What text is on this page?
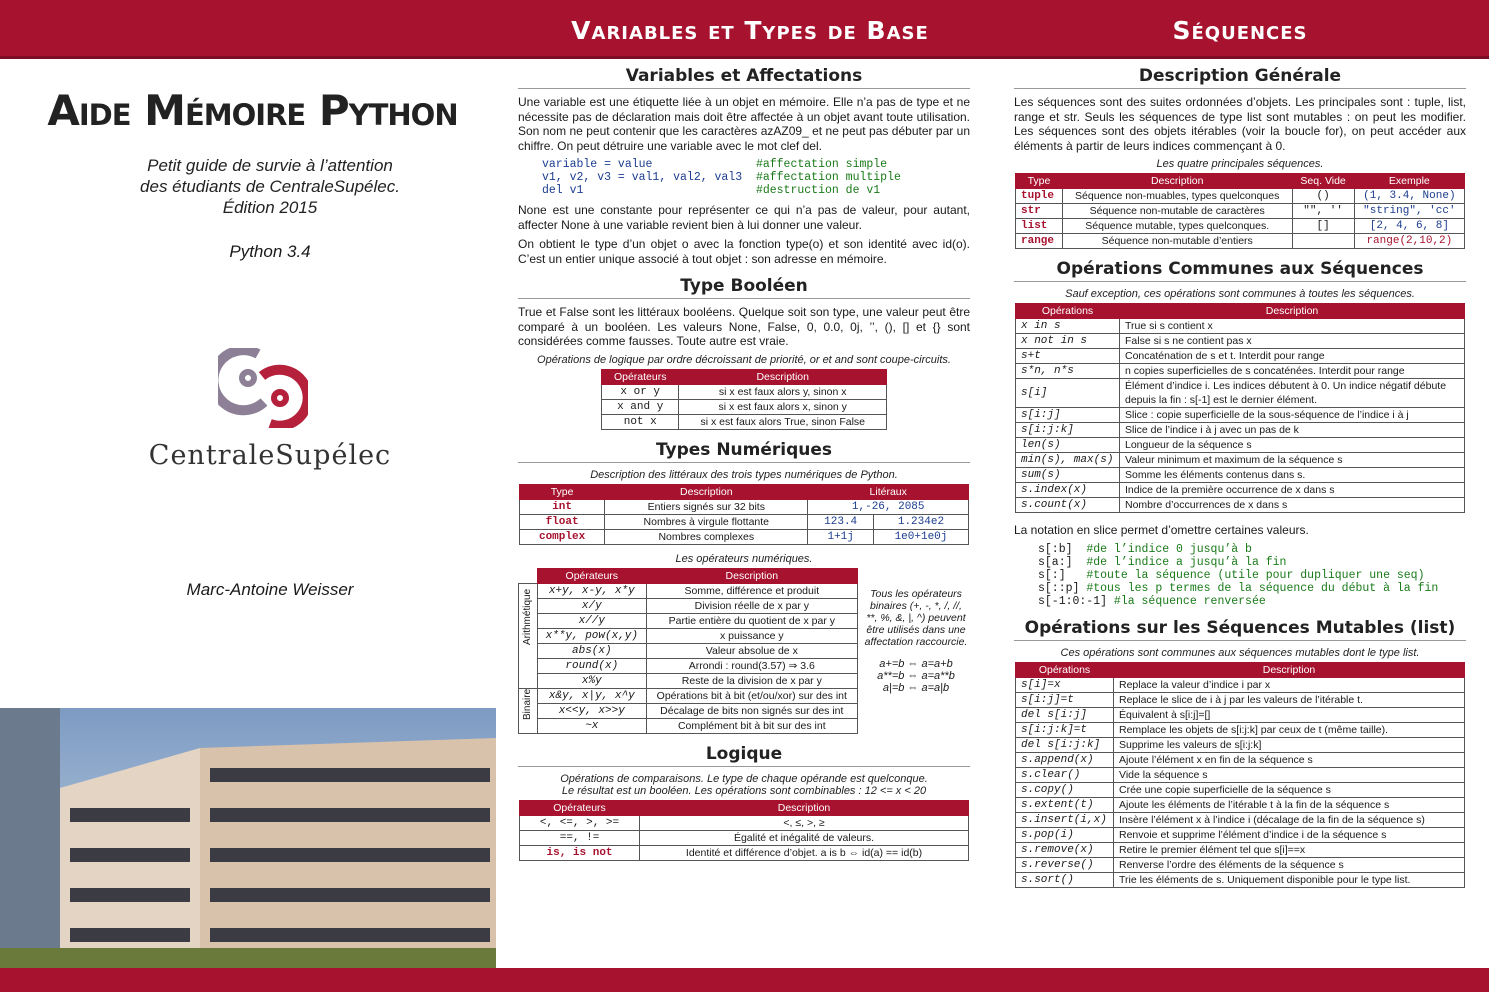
Variables et Types de Base	Séquences
Aide Mémoire Python
Petit guide de survie à l’attention
des étudiants de CentraleSupélec.
Édition 2015
Python 3.4
CentraleSupélec
Marc-Antoine Weisser
Variables et Affectations

Une variable est une étiquette liée à un objet en mémoire. Elle n’a pas de type et ne nécessite pas de déclaration mais doit être affectée à un objet avant toute utilisation. Son nom ne peut contenir que les caractères azAZ09_ et ne peut pas débuter par un chiffre. On peut détruire une variable avec le mot clef del.

variable = value	#affectation simple
v1, v2, v3 = val1, val2, val3 #affectation multiple
del v1	#destruction de v1

None est une constante pour représenter ce qui n’a pas de valeur, pour autant, affecter None à une variable revient bien à lui donner une valeur.

On obtient le type d’un objet o avec la fonction type(o) et son identité avec id(o). C’est un entier unique associé à tout objet : son adresse en mémoire.

Type Booléen

True et False sont les littéraux booléens. Quelque soit son type, une valeur peut être comparé à un booléen. Les valeurs None, False, 0, 0.0, 0j, ’’, (), [] et {} sont considérées comme fausses. Toute autre est vraie.

Opérations de logique par ordre décroissant de priorité, or et and sont coupe-circuits.
Opérateurs	Description
x or y	si x est faux alors y, sinon x
x and y	si x est faux alors x, sinon y
not x	si x est faux alors True, sinon False
Types Numériques
Description des littéraux des trois types numériques de Python.
Type	Description	Litéraux	
int	Entiers signés sur 32 bits	1,-26, 2085	
float	Nombres à virgule flottante	123.4	1.234e2
complex	Nombres complexes	1+1j	1e0+1e0j
Les opérateurs numériques.
	Opérateurs	Description

Arithmétique	x+y, x-y, x*y	Somme, différence et produit
	x/y	Division réelle de x par y
	x//y	Partie entière du quotient de x par y
	x**y, pow(x,y)	x puissance y
	abs(x)	Valeur absolue de x
	round(x)	Arrondi : round(3.57) ⇒ 3.6
	x%y	Reste de la division de x par y

Binaire	x&y, x|y, x^y	Opérations bit à bit (et/ou/xor) sur des int
	x<<y, x>>y	Décalage de bits non signés sur des int
	~x	Complément bit à bit sur des int
Tous les opérateurs binaires (+, -, *, /, //, **, %, &, |, ^) peuvent être utilisés dans une affectation raccourcie.
a+=b ⇔ a=a+b
a**=b ⇔ a=a**b
a|=b ⇔ a=a|b
Logique
Opérations de comparaisons. Le type de chaque opérande est quelconque.
Le résultat est un booléen. Les opérations sont combinables : 12 <= x < 20
Opérateurs	Description
<, <=, >, >=	<, ≤, >, ≥
==, !=	Égalité et inégalité de valeurs.
is, is not	Identité et différence d’objet. a is b ⇔ id(a) == id(b)
Description Générale

Les séquences sont des suites ordonnées d’objets. Les principales sont : tuple, list, range et str. Seuls les séquences de type list sont mutables : on peut les modifier. Les séquences sont des objets itérables (voir la boucle for), on peut accéder aux éléments à partir de leurs indices commençant à 0.

Les quatre principales séquences.
Type	Description	Seq. Vide	Exemple
tuple	Séquence non-muables, types quelconques	()	(1, 3.4, None)
str	Séquence non-mutable de caractères	"", ''	"string", 'cc'
list	Séquence mutable, types quelconques.	[]	[2, 4, 6, 8]
range	Séquence non-mutable d’entiers		range(2,10,2)
Opérations Communes aux Séquences
Sauf exception, ces opérations sont communes à toutes les séquences.
Opérations	Description
x in s	True si s contient x
x not in s	False si s ne contient pas x
s+t	Concaténation de s et t. Interdit pour range
s*n, n*s	n copies superficielles de s concaténées. Interdit pour range
s[i]	Élément d’indice i. Les indices débutent à 0. Un indice négatif débute depuis la fin : s[-1] est le dernier élément.
s[i:j]	Slice : copie superficielle de la sous-séquence de l’indice i à j
s[i:j:k]	Slice de l’indice i à j avec un pas de k
len(s)	Longueur de la séquence s
min(s), max(s)	Valeur minimum et maximum de la séquence s
sum(s)	Somme les éléments contenus dans s.
s.index(x)	Indice de la première occurrence de x dans s
s.count(x)	Nombre d’occurrences de x dans s

La notation en slice permet d’omettre certaines valeurs.

s[:b] #de l’indice 0 jusqu’à b
s[a:] #de l’indice a jusqu’à la fin
s[:] #toute la séquence (utile pour dupliquer une seq)
s[::p] #tous les p termes de la séquence du début à la fin
s[-1:0:-1] #la séquence renversée
Opérations sur les Séquences Mutables (list)
Ces opérations sont communes aux séquences mutables dont le type list.
Opérations	Description
s[i]=x	Replace la valeur d’indice i par x
s[i:j]=t	Replace le slice de i à j par les valeurs de l’itérable t.
del s[i:j]	Équivalent à s[i:j]=[]
s[i:j:k]=t	Remplace les objets de s[i:j:k] par ceux de t (même taille).
del s[i:j:k]	Supprime les valeurs de s[i:j:k]
s.append(x)	Ajoute l’élément x en fin de la séquence s
s.clear()	Vide la séquence s
s.copy()	Crée une copie superficielle de la séquence s
s.extent(t)	Ajoute les éléments de l’itérable t à la fin de la séquence s
s.insert(i,x)	Insère l’élément x à l’indice i (décalage de la fin de la séquence s)
s.pop(i)	Renvoie et supprime l’élément d’indice i de la séquence s
s.remove(x)	Retire le premier élément tel que s[i]==x
s.reverse()	Renverse l’ordre des éléments de la séquence s
s.sort()	Trie les éléments de s. Uniquement disponible pour le type list.
